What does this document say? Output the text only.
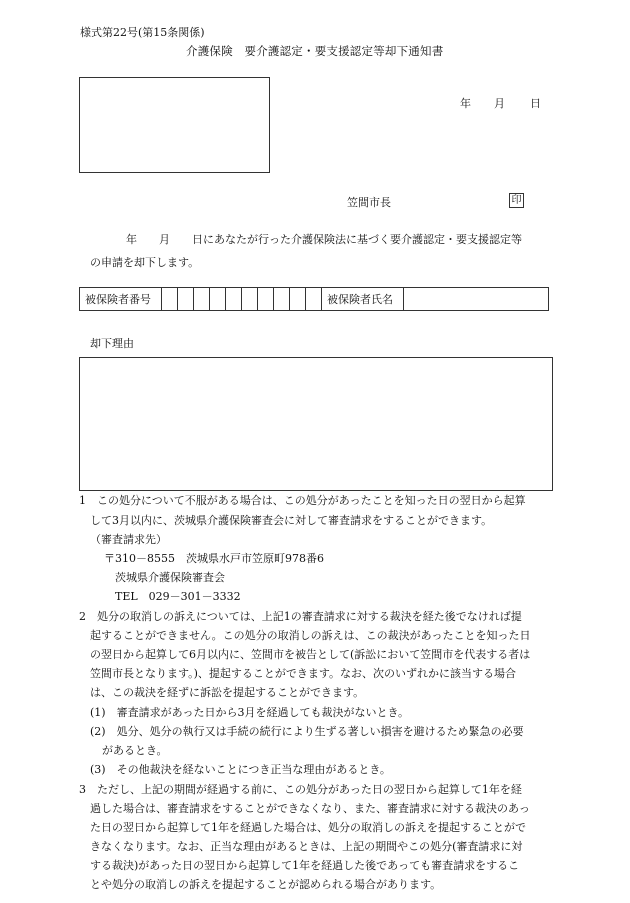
様式第22号(第15条関係)
介護保険　要介護認定・要支援認定等却下通知書
年 月 日
笠間市長	印
年 月 日にあなたが行った介護保険法に基づく要介護認定・要支援認定等
の申請を却下します。
被保険者番号	被保険者氏名
却下理由
1　この処分について不服がある場合は、この処分があったことを知った日の翌日から起算
して3月以内に、茨城県介護保険審査会に対して審査請求をすることができます。
（審査請求先）
〒310－8555　茨城県水戸市笠原町978番6
茨城県介護保険審査会
TEL　029－301－3332
2　処分の取消しの訴えについては、上記1の審査請求に対する裁決を経た後でなければ提
起することができません。この処分の取消しの訴えは、この裁決があったことを知った日
の翌日から起算して6月以内に、笠間市を被告として(訴訟において笠間市を代表する者は
笠間市長となります。)、提起することができます。なお、次のいずれかに該当する場合
は、この裁決を経ずに訴訟を提起することができます。
(1)　審査請求があった日から3月を経過しても裁決がないとき。
(2)　処分、処分の執行又は手続の続行により生ずる著しい損害を避けるため緊急の必要
があるとき。
(3)　その他裁決を経ないことにつき正当な理由があるとき。
3　ただし、上記の期間が経過する前に、この処分があった日の翌日から起算して1年を経
過した場合は、審査請求をすることができなくなり、また、審査請求に対する裁決のあっ
た日の翌日から起算して1年を経過した場合は、処分の取消しの訴えを提起することがで
きなくなります。なお、正当な理由があるときは、上記の期間やこの処分(審査請求に対
する裁決)があった日の翌日から起算して1年を経過した後であっても審査請求をするこ
とや処分の取消しの訴えを提起することが認められる場合があります。
